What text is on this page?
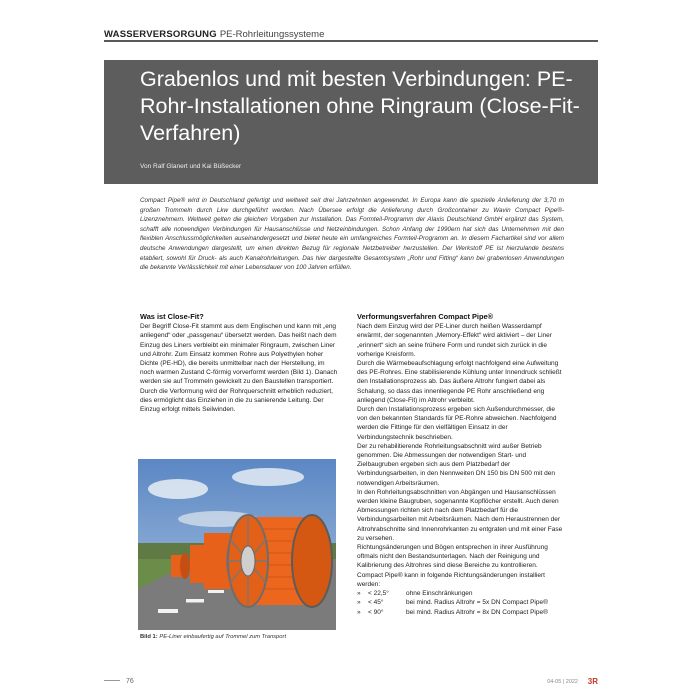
WASSERVERSORGUNG PE-Rohrleitungssysteme
Grabenlos und mit besten Verbindungen: PE-Rohr-Installationen ohne Ringraum (Close-Fit-Verfahren)
Von Ralf Glanert und Kai Büßecker

Compact Pipe® wird in Deutschland gefertigt und weltweit seit drei Jahrzehnten angewendet. In Europa kann die spezielle Anlieferung der 3,70 m großen Trommeln durch Lkw durchgeführt werden. Nach Übersee erfolgt die Anlieferung durch Großcontainer zu Wavin Compact Pipe®-Lizenznehmern. Weltweit gelten die gleichen Vorgaben zur Installation. Das Formteil-Programm der Alaxis Deutschland GmbH ergänzt das System, schafft alle notwendigen Verbindungen für Hausanschlüsse und Netzeinbindungen. Schon Anfang der 1990ern hat sich das Unternehmen mit den flexiblen Anschlussmöglichkeiten auseinandergesetzt und bietet heute ein umfangreiches Formteil-Programm an. In diesem Fachartikel sind vor allem deutsche Anwendungen dargestellt, um einen direkten Bezug für regionale Netzbetreiber herzustellen. Der Werkstoff PE ist hierzulande bestens etabliert, sowohl für Druck- als auch Kanalrohrleitungen. Das hier dargestellte Gesamtsystem „Rohr und Fitting“ kann bei grabenlosen Anwendungen die bekannte Verlässlichkeit mit einer Lebensdauer von 100 Jahren erfüllen.

Was ist Close-Fit?

Der Begriff Close-Fit stammt aus dem Englischen und kann mit „eng anliegend“ oder „passgenau“ übersetzt werden. Das heißt nach dem Einzug des Liners verbleibt ein minimaler Ringraum, zwischen Liner und Altrohr. Zum Einsatz kommen Rohre aus Polyethylen hoher Dichte (PE-HD), die bereits unmittelbar nach der Herstellung, im noch warmen Zustand C-förmig vorverformt werden (Bild 1). Danach werden sie auf Trommeln gewickelt zu den Baustellen transportiert. Durch die Verformung wird der Rohrquerschnitt erheblich reduziert, dies ermöglicht das Einziehen in die zu sanierende Leitung. Der Einzug erfolgt mittels Seilwinden.

Bild 1: PE-Liner einbaufertig auf Trommel zum Transport
Verformungsverfahren Compact Pipe®

Nach dem Einzug wird der PE-Liner durch heißen Wasserdampf erwärmt, der sogenannten „Memory-Effekt“ wird aktiviert – der Liner „erinnert“ sich an seine frühere Form und rundet sich zurück in die vorherige Kreisform.

Durch die Wärmebeaufschlagung erfolgt nachfolgend eine Aufweitung des PE-Rohres. Eine stabilisierende Kühlung unter Innendruck schließt den Installationsprozess ab. Das äußere Altrohr fungiert dabei als Schalung, so dass das innenliegende PE Rohr anschließend eng anliegend (Close-Fit) im Altrohr verbleibt.

Durch den Installationsprozess ergeben sich Außendurchmesser, die von den bekannten Standards für PE-Rohre abweichen. Nachfolgend werden die Fittinge für den vielfältigen Einsatz in der Verbindungstechnik beschrieben.

Der zu rehabilitierende Rohrleitungsabschnitt wird außer Betrieb genommen. Die Abmessungen der notwendigen Start- und Zielbaugruben ergeben sich aus dem Platzbedarf der Verbindungsarbeiten, in den Nennweiten DN 150 bis DN 500 mit den notwendigen Arbeitsräumen.

In den Rohrleitungsabschnitten von Abgängen und Hausanschlüssen werden kleine Baugruben, sogenannte Kopflöcher erstellt. Auch deren Abmessungen richten sich nach dem Platzbedarf für die Verbindungsarbeiten mit Arbeitsräumen. Nach dem Heraustrennen der Altrohrabschnitte sind Innenrohrkanten zu entgraten und mit einer Fase zu versehen.

Richtungsänderungen und Bögen entsprechen in ihrer Ausführung oftmals nicht den Bestandsunterlagen. Nach der Reinigung und Kalibrierung des Altrohres sind diese Bereiche zu kontrollieren. Compact Pipe® kann in folgende Richtungsänderungen installiert werden:

» < 22,5°	ohne Einschränkungen
» < 45°	bei mind. Radius Altrohr = 5x DN Compact Pipe®
» < 90°	bei mind. Radius Altrohr = 8x DN Compact Pipe®
76	04-05 | 2022 3R
